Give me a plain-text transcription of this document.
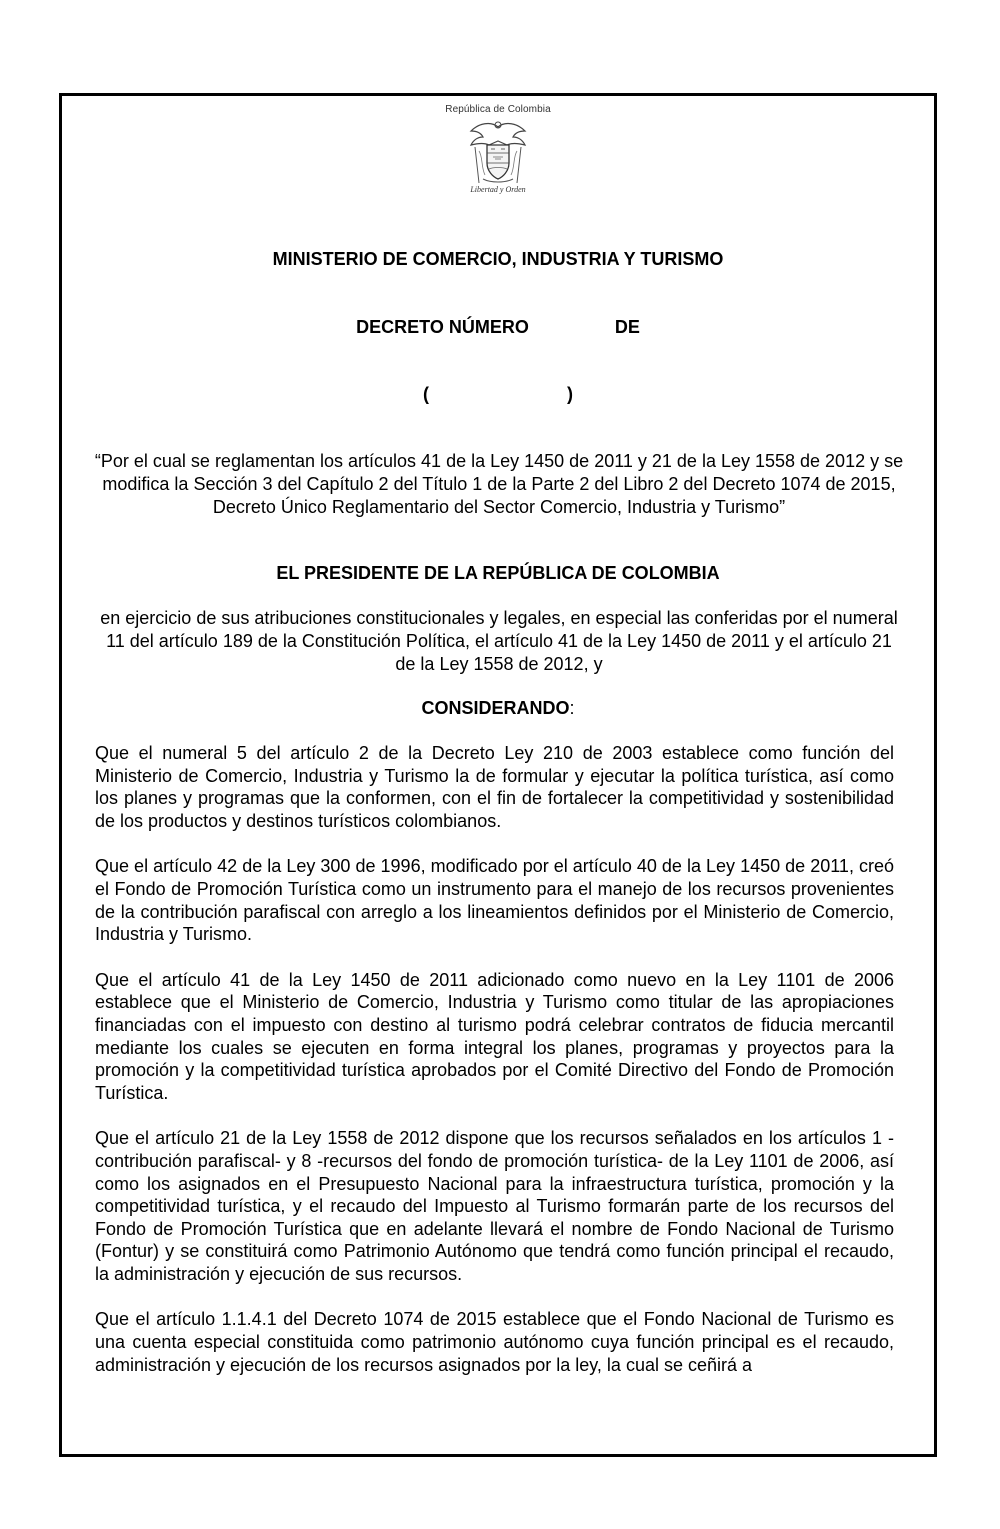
República de Colombia
Libertad y Orden
MINISTERIO DE COMERCIO, INDUSTRIA Y TURISMO
DECRETO NÚMERO	DE
(	)
“Por el cual se reglamentan los artículos 41 de la Ley 1450 de 2011 y 21 de la Ley 1558 de 2012 y se modifica la Sección 3 del Capítulo 2 del Título 1 de la Parte 2 del Libro 2 del Decreto 1074 de 2015, Decreto Único Reglamentario del Sector Comercio, Industria y Turismo”
EL PRESIDENTE DE LA REPÚBLICA DE COLOMBIA
en ejercicio de sus atribuciones constitucionales y legales, en especial las conferidas por el numeral 11 del artículo 189 de la Constitución Política, el artículo 41 de la Ley 1450 de 2011 y el artículo 21 de la Ley 1558 de 2012, y
CONSIDERANDO:

Que el numeral 5 del artículo 2 de la Decreto Ley 210 de 2003 establece como función del Ministerio de Comercio, Industria y Turismo la de formular y ejecutar la política turística, así como los planes y programas que la conformen, con el fin de fortalecer la competitividad y sostenibilidad de los productos y destinos turísticos colombianos.

Que el artículo 42 de la Ley 300 de 1996, modificado por el artículo 40 de la Ley 1450 de 2011, creó el Fondo de Promoción Turística como un instrumento para el manejo de los recursos provenientes de la contribución parafiscal con arreglo a los lineamientos definidos por el Ministerio de Comercio, Industria y Turismo.

Que el artículo 41 de la Ley 1450 de 2011 adicionado como nuevo en la Ley 1101 de 2006 establece que el Ministerio de Comercio, Industria y Turismo como titular de las apropiaciones financiadas con el impuesto con destino al turismo podrá celebrar contratos de fiducia mercantil mediante los cuales se ejecuten en forma integral los planes, programas y proyectos para la promoción y la competitividad turística aprobados por el Comité Directivo del Fondo de Promoción Turística.

Que el artículo 21 de la Ley 1558 de 2012 dispone que los recursos señalados en los artículos 1 -contribución parafiscal- y 8 -recursos del fondo de promoción turística- de la Ley 1101 de 2006, así como los asignados en el Presupuesto Nacional para la infraestructura turística, promoción y la competitividad turística, y el recaudo del Impuesto al Turismo formarán parte de los recursos del Fondo de Promoción Turística que en adelante llevará el nombre de Fondo Nacional de Turismo (Fontur) y se constituirá como Patrimonio Autónomo que tendrá como función principal el recaudo, la administración y ejecución de sus recursos.

Que el artículo 1.1.4.1 del Decreto 1074 de 2015 establece que el Fondo Nacional de Turismo es una cuenta especial constituida como patrimonio autónomo cuya función principal es el recaudo, administración y ejecución de los recursos asignados por la ley, la cual se ceñirá a
